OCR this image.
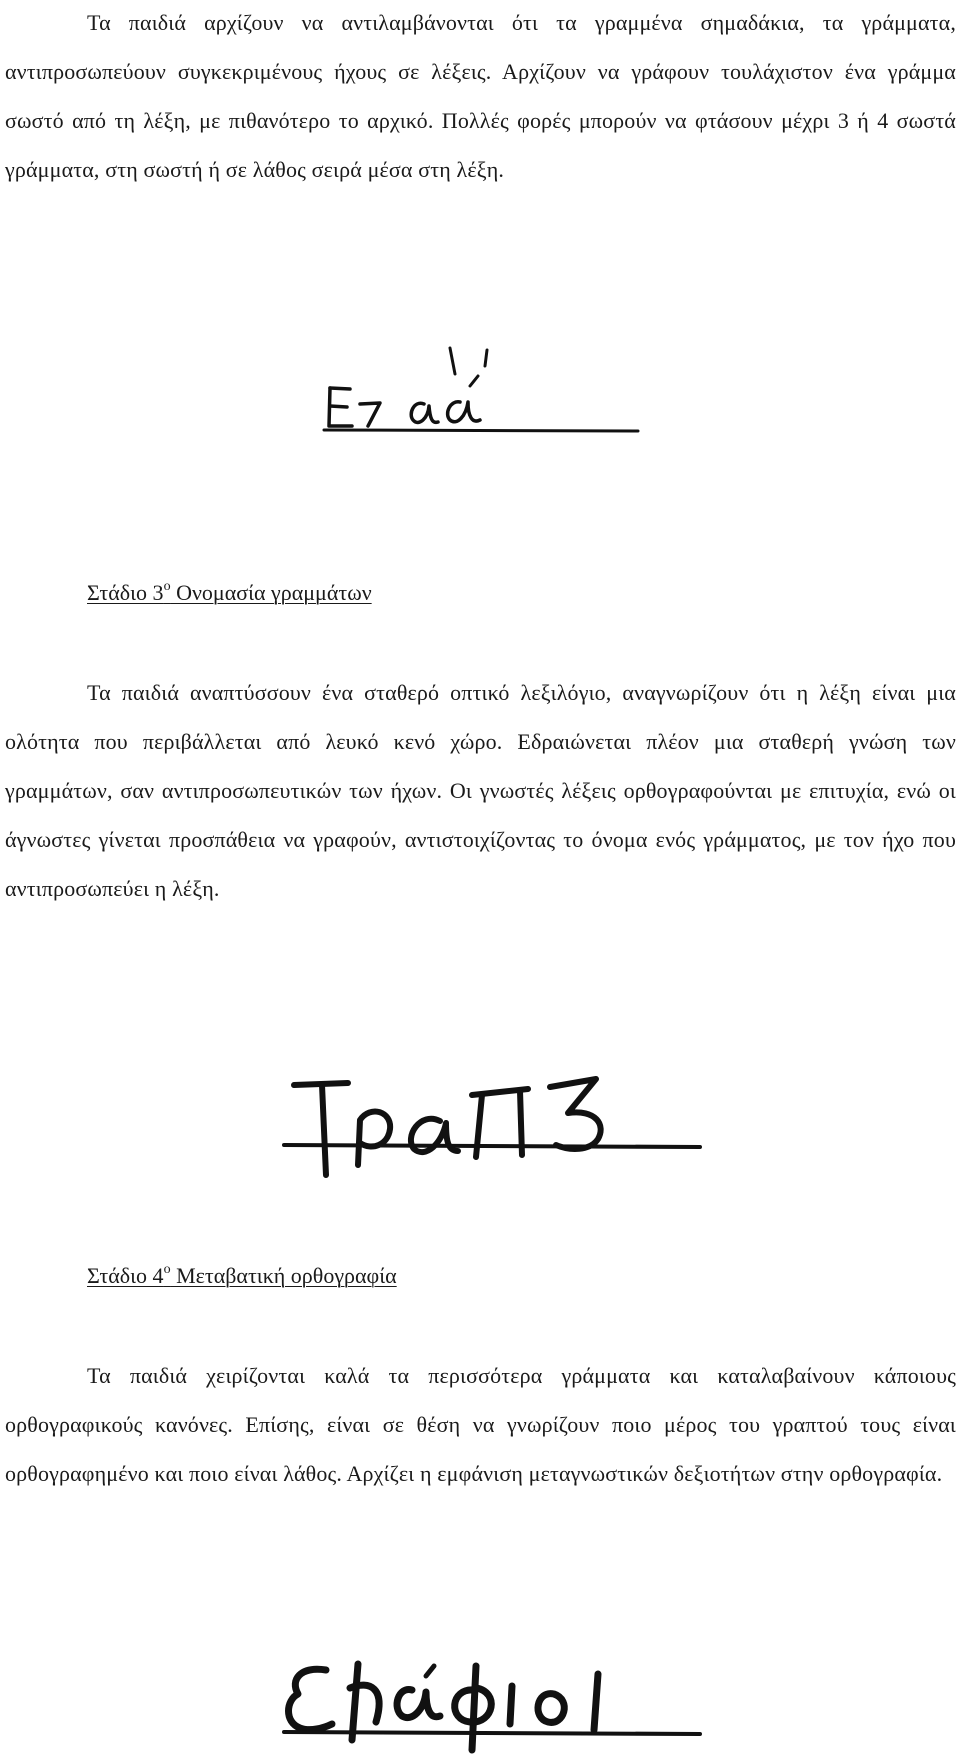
Τα παιδιά αρχίζουν να αντιλαμβάνονται ότι τα γραμμένα σημαδάκια, τα γράμματα, αντιπροσωπεύουν συγκεκριμένους ήχους σε λέξεις. Αρχίζουν να γράφουν τουλάχιστον ένα γράμμα σωστό από τη λέξη, με πιθανότερο το αρχικό. Πολλές φορές μπορούν να φτάσουν μέχρι 3 ή 4 σωστά γράμματα, στη σωστή ή σε λάθος σειρά μέσα στη λέξη.

Στάδιο $3^o$ Ονομασία γραμμάτων

Τα παιδιά αναπτύσσουν ένα σταθερό οπτικό λεξιλόγιο, αναγνωρίζουν ότι η λέξη είναι μια ολότητα που περιβάλλεται από λευκό κενό χώρο. Εδραιώνεται πλέον μια σταθερή γνώση των γραμμάτων, σαν αντιπροσωπευτικών των ήχων. Οι γνωστές λέξεις ορθογραφούνται με επιτυχία, ενώ οι άγνωστες γίνεται προσπάθεια να γραφούν, αντιστοιχίζοντας το όνομα ενός γράμματος, με τον ήχο που αντιπροσωπεύει η λέξη.

Στάδιο $4^o$ Μεταβατική ορθογραφία

Τα παιδιά χειρίζονται καλά τα περισσότερα γράμματα και καταλαβαίνουν κάποιους ορθογραφικούς κανόνες. Επίσης, είναι σε θέση να γνωρίζουν ποιο μέρος του γραπτού τους είναι ορθογραφημένο και ποιο είναι λάθος. Αρχίζει η εμφάνιση μεταγνωστικών δεξιοτήτων στην ορθογραφία.
